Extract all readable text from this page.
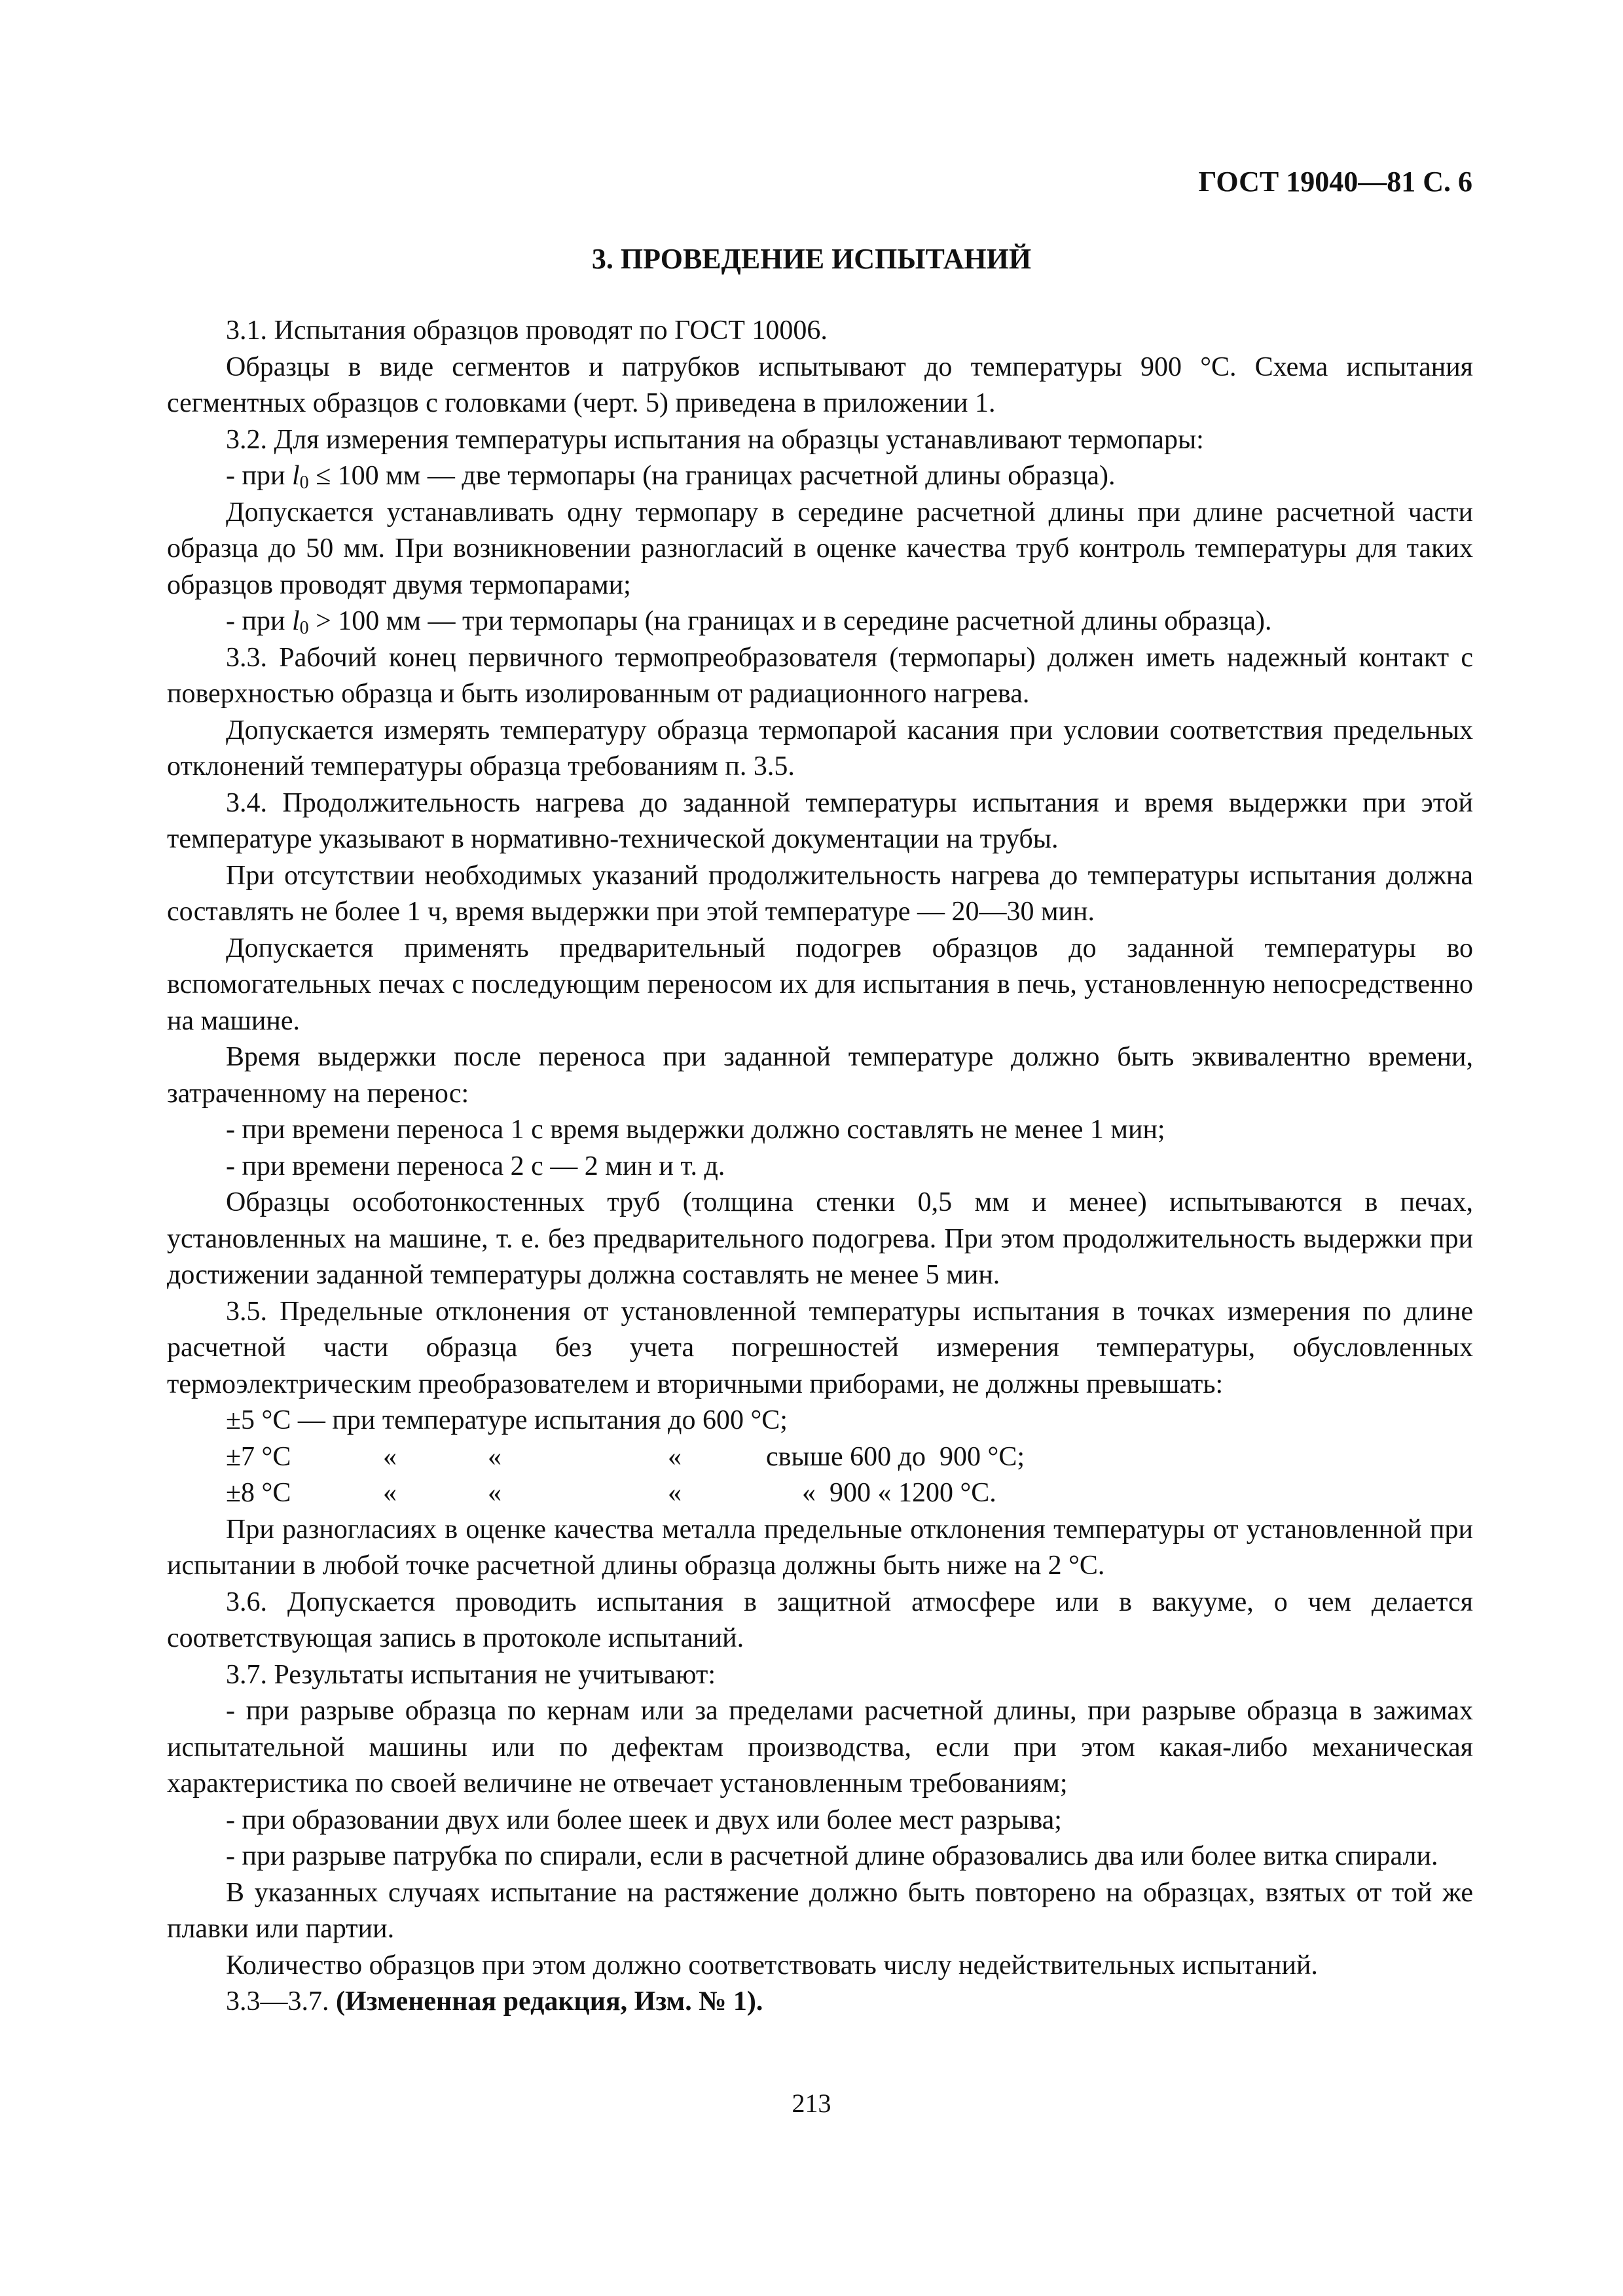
ГОСТ 19040—81 С. 6
3. ПРОВЕДЕНИЕ ИСПЫТАНИЙ

3.1. Испытания образцов проводят по ГОСТ 10006.

Образцы в виде сегментов и патрубков испытывают до температуры 900 °С. Схема испытания сегментных образцов с головками (черт. 5) приведена в приложении 1.

3.2. Для измерения температуры испытания на образцы устанавливают термопары:

- при $l_0 \le 100$ мм — две термопары (на границах расчетной длины образца).

Допускается устанавливать одну термопару в середине расчетной длины при длине расчетной части образца до 50 мм. При возникновении разногласий в оценке качества труб контроль температуры для таких образцов проводят двумя термопарами;

- при $l_0 > 100$ мм — три термопары (на границах и в середине расчетной длины образца).

3.3. Рабочий конец первичного термопреобразователя (термопары) должен иметь надежный контакт с поверхностью образца и быть изолированным от радиационного нагрева.

Допускается измерять температуру образца термопарой касания при условии соответствия предельных отклонений температуры образца требованиям п. 3.5.

3.4. Продолжительность нагрева до заданной температуры испытания и время выдержки при этой температуре указывают в нормативно-технической документации на трубы.

При отсутствии необходимых указаний продолжительность нагрева до температуры испытания должна составлять не более 1 ч, время выдержки при этой температуре — 20—30 мин.

Допускается применять предварительный подогрев образцов до заданной температуры во вспомогательных печах с последующим переносом их для испытания в печь, установленную непосредственно на машине.

Время выдержки после переноса при заданной температуре должно быть эквивалентно времени, затраченному на перенос:

- при времени переноса 1 с время выдержки должно составлять не менее 1 мин;

- при времени переноса 2 с — 2 мин и т. д.

Образцы особотонкостенных труб (толщина стенки 0,5 мм и менее) испытываются в печах, установленных на машине, т. е. без предварительного подогрева. При этом продолжительность выдержки при достижении заданной температуры должна составлять не менее 5 мин.

3.5. Предельные отклонения от установленной температуры испытания в точках измерения по длине расчетной части образца без учета погрешностей измерения температуры, обусловленных термоэлектрическим преобразователем и вторичными приборами, не должны превышать:

±5 °С — при температуре испытания до 600 °С;

±7 °С	«	«	«	свыше 600 до  900 °С;
±8 °С	«	«	«	«  900 « 1200 °С.

При разногласиях в оценке качества металла предельные отклонения температуры от установленной при испытании в любой точке расчетной длины образца должны быть ниже на 2 °С.

3.6. Допускается проводить испытания в защитной атмосфере или в вакууме, о чем делается соответствующая запись в протоколе испытаний.

3.7. Результаты испытания не учитывают:

- при разрыве образца по кернам или за пределами расчетной длины, при разрыве образца в зажимах испытательной машины или по дефектам производства, если при этом какая-либо механическая характеристика по своей величине не отвечает установленным требованиям;

- при образовании двух или более шеек и двух или более мест разрыва;

- при разрыве патрубка по спирали, если в расчетной длине образовались два или более витка спирали.

В указанных случаях испытание на растяжение должно быть повторено на образцах, взятых от той же плавки или партии.

Количество образцов при этом должно соответствовать числу недействительных испытаний.

3.3—3.7. (Измененная редакция, Изм. № 1).

213
